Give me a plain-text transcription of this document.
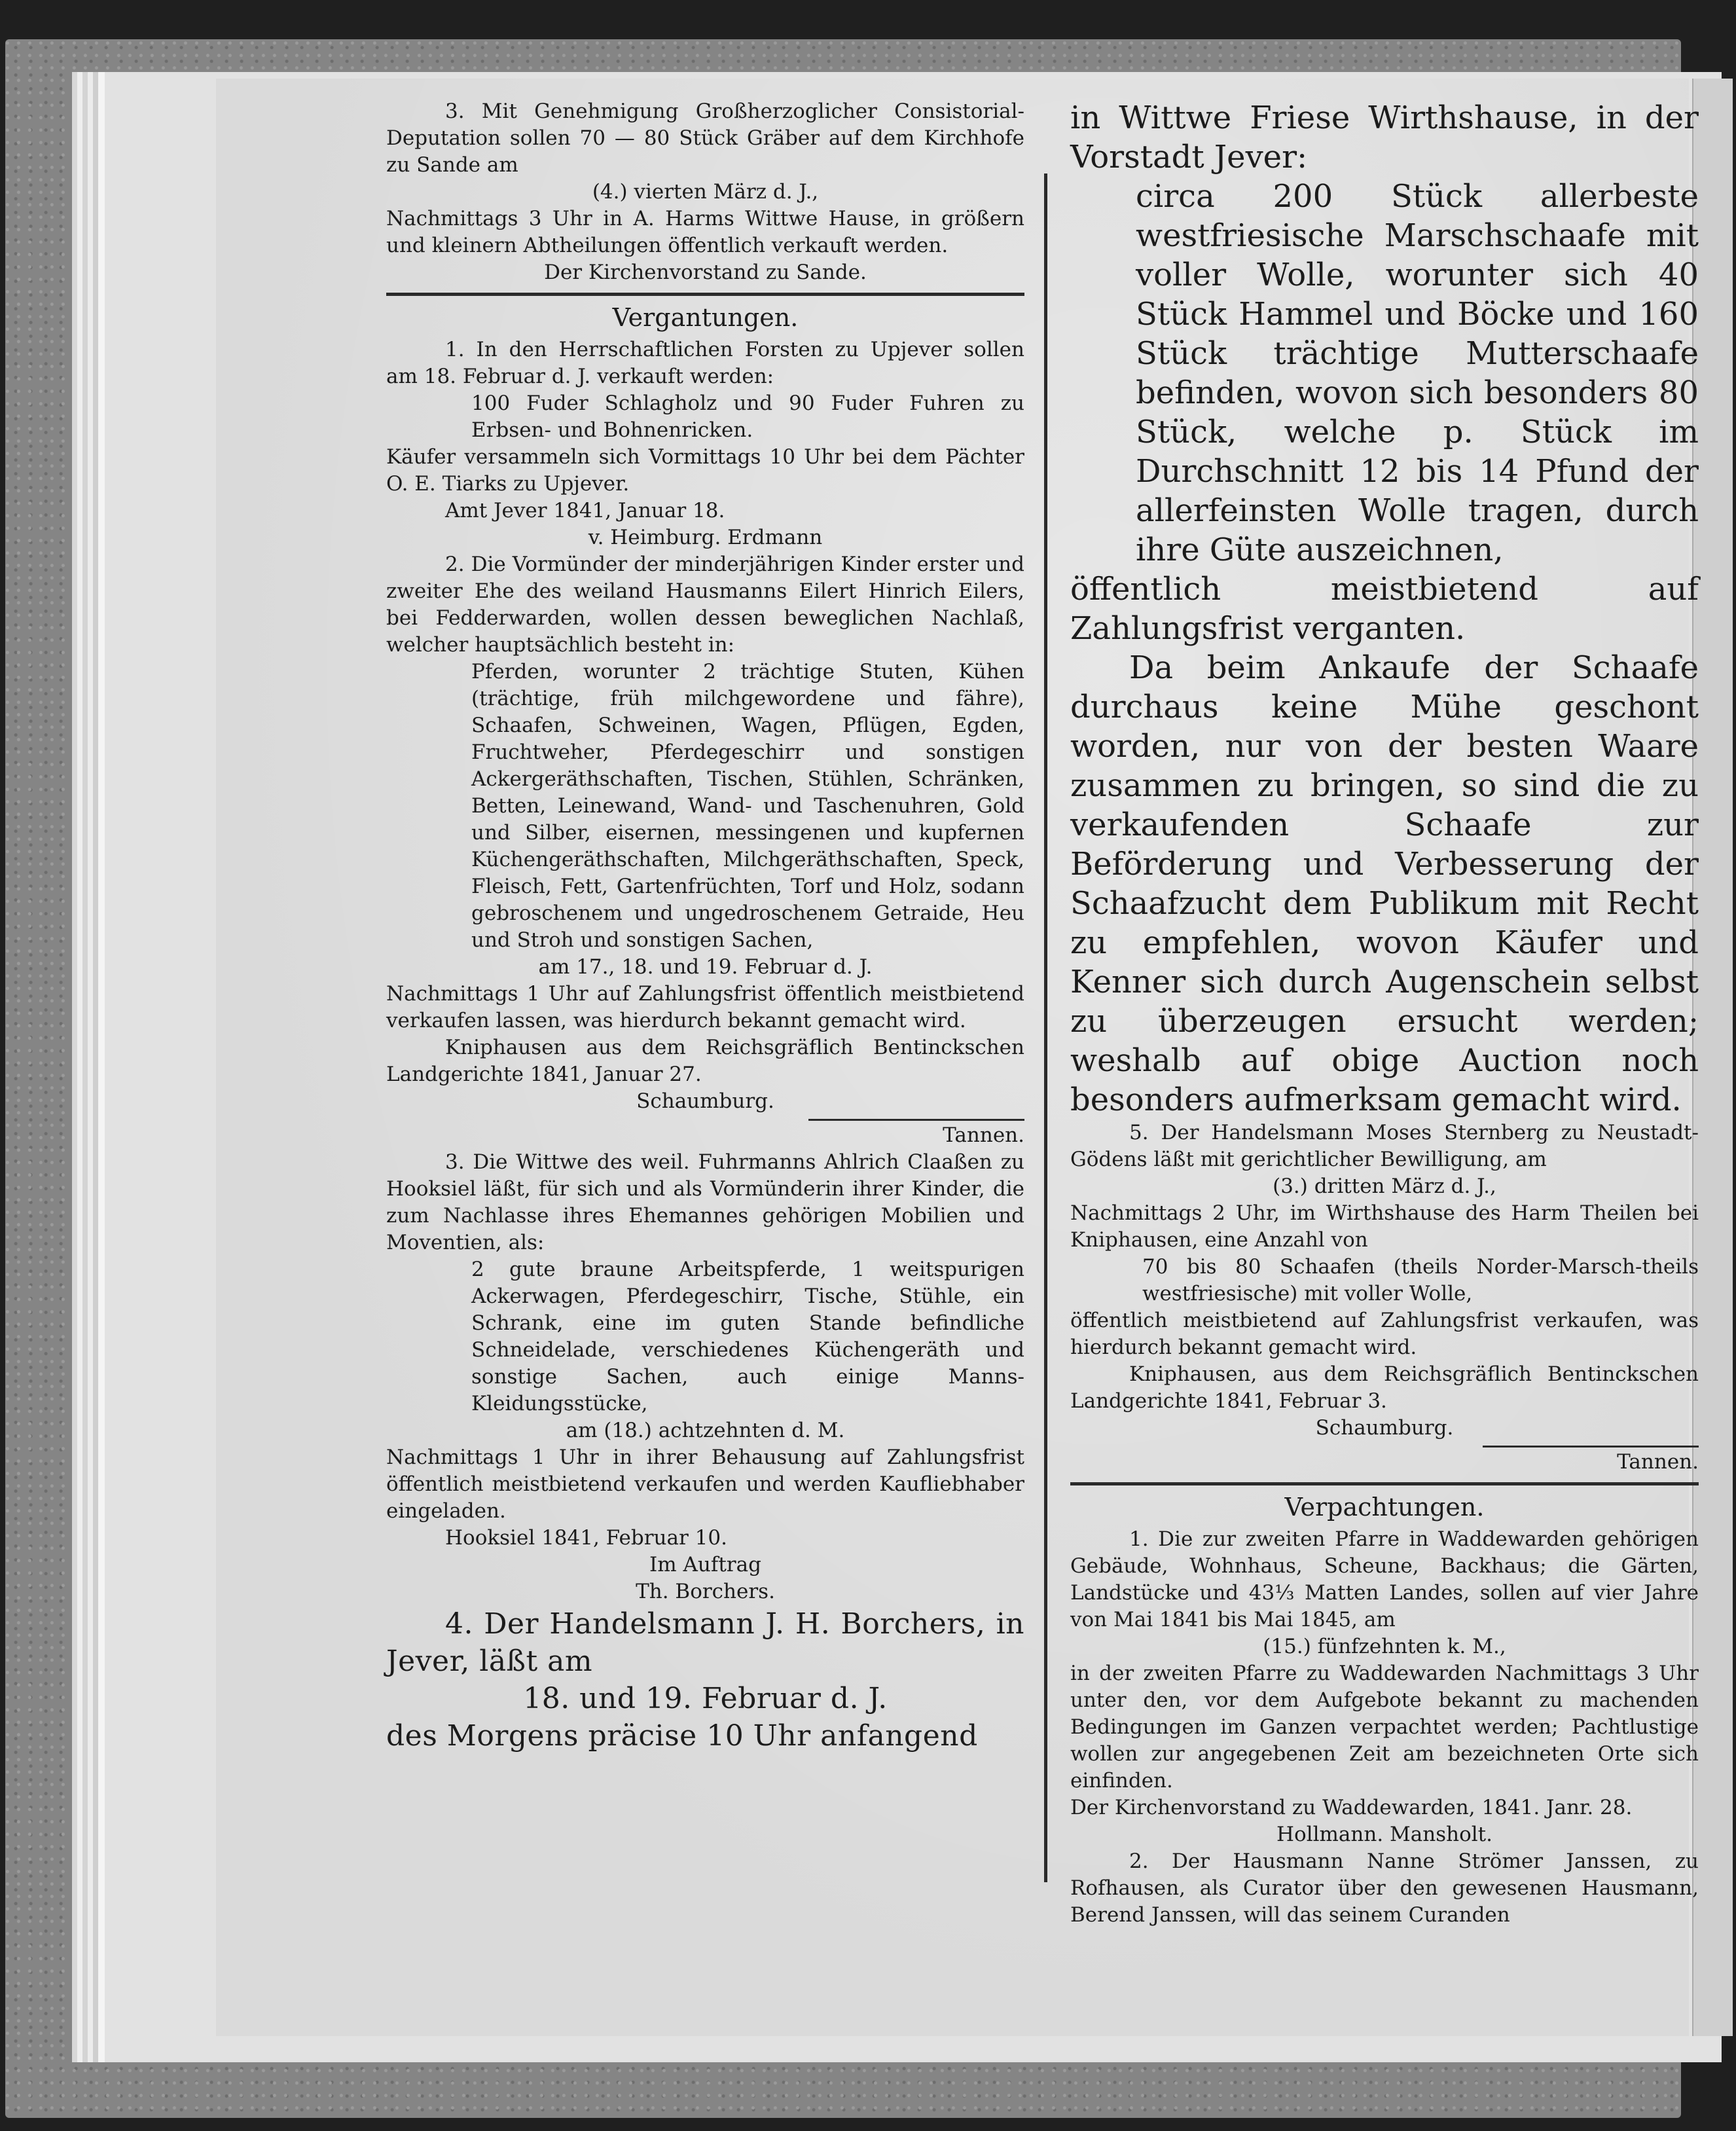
3. Mit Genehmigung Großherzoglicher Consistorial-Deputation sollen 70 — 80 Stück Gräber auf dem Kirchhofe zu Sande am

(4.) vierten März d. J.,

Nachmittags 3 Uhr in A. Harms Wittwe Hause, in größern und kleinern Abtheilungen öffentlich verkauft werden.

Der Kirchenvorstand zu Sande.

Vergantungen.

1. In den Herrschaftlichen Forsten zu Upjever sollen am 18. Februar d. J. verkauft werden:

100 Fuder Schlagholz und 90 Fuder Fuhren zu Erbsen- und Bohnenricken.

Käufer versammeln sich Vormittags 10 Uhr bei dem Pächter O. E. Tiarks zu Upjever.

Amt Jever 1841, Januar 18.

v. Heimburg. Erdmann

2. Die Vormünder der minderjährigen Kinder erster und zweiter Ehe des weiland Hausmanns Eilert Hinrich Eilers, bei Fedderwarden, wollen dessen beweglichen Nachlaß, welcher hauptsächlich besteht in:

Pferden, worunter 2 trächtige Stuten, Kühen (trächtige, früh milchgewordene und fähre), Schaafen, Schweinen, Wagen, Pflügen, Egden, Fruchtweher, Pferdegeschirr und sonstigen Ackergeräthschaften, Tischen, Stühlen, Schränken, Betten, Leinewand, Wand- und Taschenuhren, Gold und Silber, eisernen, messingenen und kupfernen Küchengeräthschaften, Milchgeräthschaften, Speck, Fleisch, Fett, Gartenfrüchten, Torf und Holz, sodann gebroschenem und ungedroschenem Getraide, Heu und Stroh und sonstigen Sachen,

am 17., 18. und 19. Februar d. J.

Nachmittags 1 Uhr auf Zahlungsfrist öffentlich meistbietend verkaufen lassen, was hierdurch bekannt gemacht wird.

Kniphausen aus dem Reichsgräflich Bentinckschen Landgerichte 1841, Januar 27.

Schaumburg.

Tannen.

3. Die Wittwe des weil. Fuhrmanns Ahlrich Claaßen zu Hooksiel läßt, für sich und als Vormünderin ihrer Kinder, die zum Nachlasse ihres Ehemannes gehörigen Mobilien und Moventien, als:

2 gute braune Arbeitspferde, 1 weitspurigen Ackerwagen, Pferdegeschirr, Tische, Stühle, ein Schrank, eine im guten Stande befindliche Schneidelade, verschiedenes Küchengeräth und sonstige Sachen, auch einige Manns-Kleidungsstücke,

am (18.) achtzehnten d. M.

Nachmittags 1 Uhr in ihrer Behausung auf Zahlungsfrist öffentlich meistbietend verkaufen und werden Kaufliebhaber eingeladen.

Hooksiel 1841, Februar 10.

Im Auftrag

Th. Borchers.

4. Der Handelsmann J. H. Borchers, in Jever, läßt am

18. und 19. Februar d. J.

des Morgens präcise 10 Uhr anfangend

in Wittwe Friese Wirthshause, in der Vorstadt Jever:

circa 200 Stück allerbeste westfriesische Marschschaafe mit voller Wolle, worunter sich 40 Stück Hammel und Böcke und 160 Stück trächtige Mutterschaafe befinden, wovon sich besonders 80 Stück, welche p. Stück im Durchschnitt 12 bis 14 Pfund der allerfeinsten Wolle tragen, durch ihre Güte auszeichnen,

öffentlich meistbietend auf Zahlungsfrist verganten.

Da beim Ankaufe der Schaafe durchaus keine Mühe geschont worden, nur von der besten Waare zusammen zu bringen, so sind die zu verkaufenden Schaafe zur Beförderung und Verbesserung der Schaafzucht dem Publikum mit Recht zu empfehlen, wovon Käufer und Kenner sich durch Augenschein selbst zu überzeugen ersucht werden; weshalb auf obige Auction noch besonders aufmerksam gemacht wird.

5. Der Handelsmann Moses Sternberg zu Neustadt-Gödens läßt mit gerichtlicher Bewilligung, am

(3.) dritten März d. J.,

Nachmittags 2 Uhr, im Wirthshause des Harm Theilen bei Kniphausen, eine Anzahl von

70 bis 80 Schaafen (theils Norder-Marsch-theils westfriesische) mit voller Wolle,

öffentlich meistbietend auf Zahlungsfrist verkaufen, was hierdurch bekannt gemacht wird.

Kniphausen, aus dem Reichsgräflich Bentinckschen Landgerichte 1841, Februar 3.

Schaumburg.

Tannen.

Verpachtungen.

1. Die zur zweiten Pfarre in Waddewarden gehörigen Gebäude, Wohnhaus, Scheune, Backhaus; die Gärten, Landstücke und 43⅓ Matten Landes, sollen auf vier Jahre von Mai 1841 bis Mai 1845, am

(15.) fünfzehnten k. M.,

in der zweiten Pfarre zu Waddewarden Nachmittags 3 Uhr unter den, vor dem Aufgebote bekannt zu machenden Bedingungen im Ganzen verpachtet werden; Pachtlustige wollen zur angegebenen Zeit am bezeichneten Orte sich einfinden.

Der Kirchenvorstand zu Waddewarden, 1841. Janr. 28.

Hollmann. Mansholt.

2. Der Hausmann Nanne Strömer Janssen, zu Rofhausen, als Curator über den gewesenen Hausmann, Berend Janssen, will das seinem Curanden
